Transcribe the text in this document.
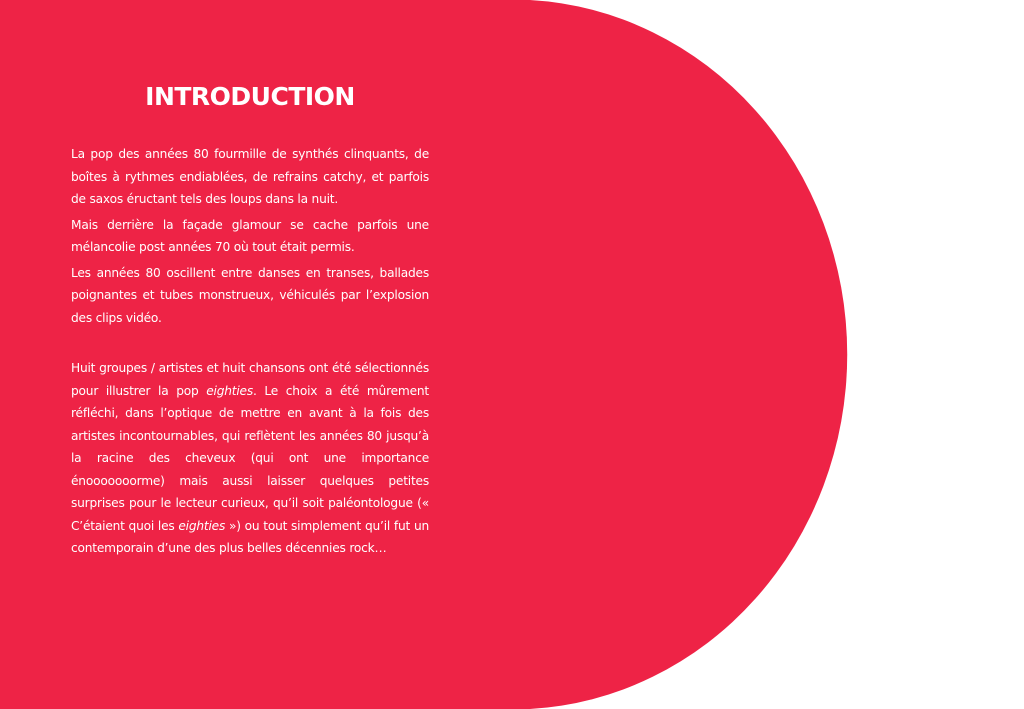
INTRODUCTION

La pop des années 80 fourmille de synthés clinquants, de boîtes à rythmes endiablées, de refrains catchy, et parfois de saxos éructant tels des loups dans la nuit.

Mais derrière la façade glamour se cache parfois une mélancolie post années 70 où tout était permis.

Les années 80 oscillent entre danses en transes, ballades poignantes et tubes monstrueux, véhiculés par l’explosion des clips vidéo.

Huit groupes / artistes et huit chansons ont été sélectionnés pour illustrer la pop eighties. Le choix a été mûrement réfléchi, dans l’optique de mettre en avant à la fois des artistes incontournables, qui reflètent les années 80 jusqu’à la racine des cheveux (qui ont une importance énooooooorme) mais aussi laisser quelques petites surprises pour le lecteur curieux, qu’il soit paléontologue (« C’étaient quoi les eighties ») ou tout simplement qu’il fut un contemporain d’une des plus belles décennies rock…
